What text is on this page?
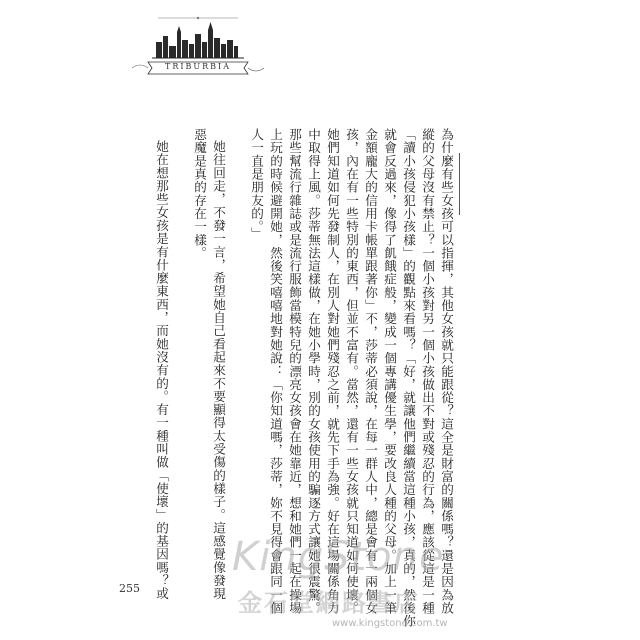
TRIBURBIA
為什麼有些女孩可以指揮，其他女孩就只能跟從？這全是財富的關係嗎？還是因為放
縱的父母沒有禁止？一個小孩對另一個小孩做出不對或殘忍的行為，應該從這是一種
「讀小孩侵犯小孩樣」的觀點來看嗎？「好，就讓他們繼續當這種小孩，真的，然後你
就會反過來，像得了飢餓症般，變成一個專講優生學，要改良人種的父母。加上一筆
金額龐大的信用卡帳單跟著你」不，莎蒂必須說，在每一群人中，總是會有一兩個女
孩，內在有一些特別的東西，但並不富有。當然，還有一些女孩就只知道如何使壞。
她們知道如何先發制人，在別人對她們殘忍之前，就先下手為強。好在這場關係角力
中取得上風。莎蒂無法這樣做，在她小學時，別的女孩使用的騙逐方式讓她很震驚。
那些幫流行雜誌或是流行服飾當模特兒的漂亮女孩會在她靠近，想和她們一起在操場
上玩的時候避開她，然後笑嘻嘻地對她說：「你知道嗎，莎蒂，妳不見得會跟同一個
人一直是朋友的。」
她往回走，不發一言，希望她自己看起來不要顯得太受傷的樣子。這感覺像發現
惡魔是真的存在一樣。
她在想那些女孩是有什麼東西，而她沒有的。有一種叫做「使壞」的基因嗎？或
255
KingStone
金石堂網路書店
www.kingstone.com.tw
